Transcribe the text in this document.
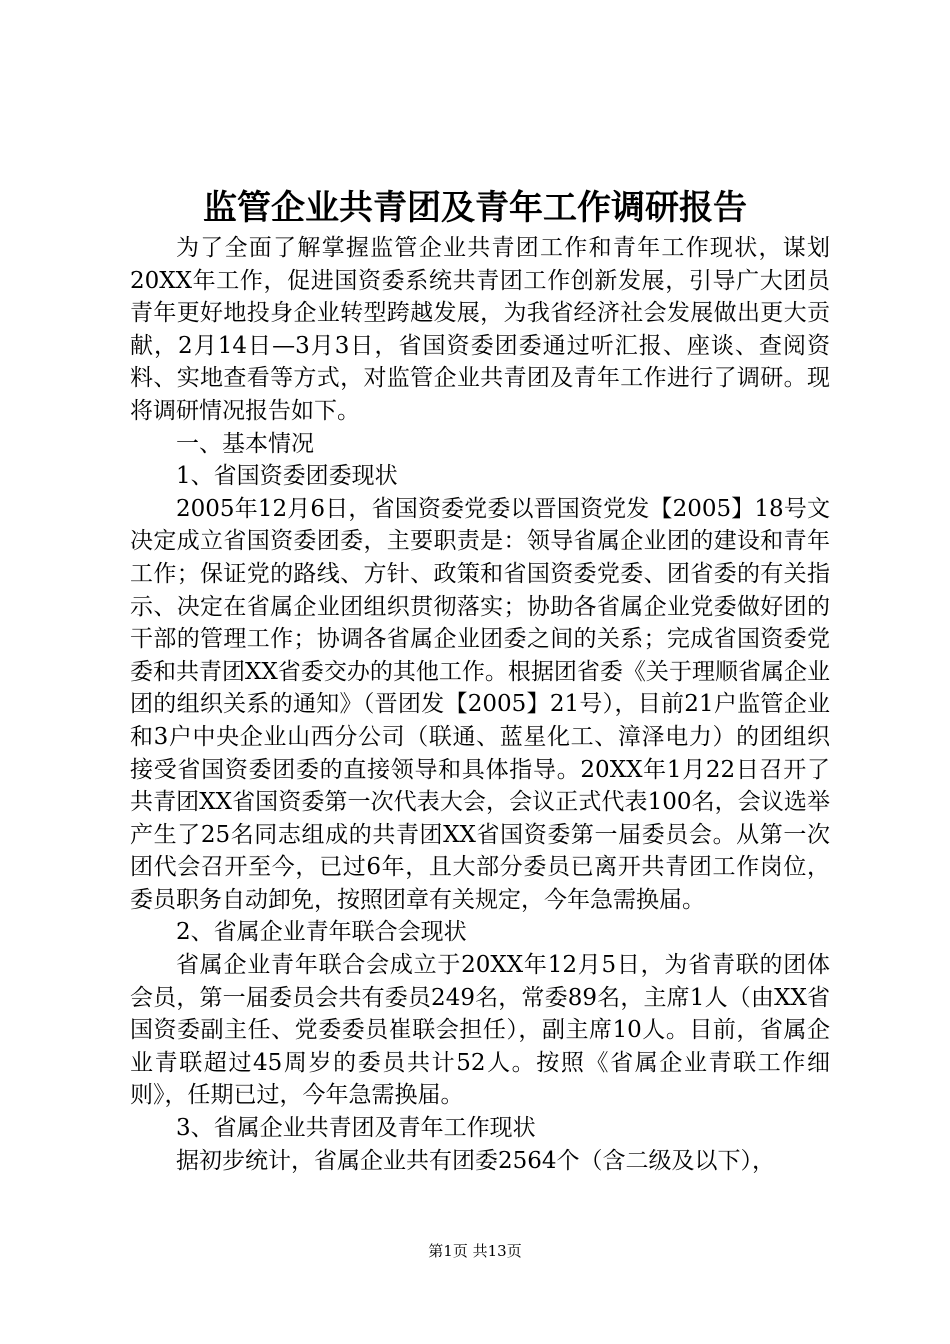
监管企业共青团及青年工作调研报告

为了全面了解掌握监管企业共青团工作和青年工作现状，谋划20XX年工作，促进国资委系统共青团工作创新发展，引导广大团员青年更好地投身企业转型跨越发展，为我省经济社会发展做出更大贡献，2月14日—3月3日，省国资委团委通过听汇报、座谈、查阅资料、实地查看等方式，对监管企业共青团及青年工作进行了调研。现将调研情况报告如下。

一、基本情况

1、省国资委团委现状

2005年12月6日，省国资委党委以晋国资党发【2005】18号文决定成立省国资委团委，主要职责是：领导省属企业团的建设和青年工作；保证党的路线、方针、政策和省国资委党委、团省委的有关指示、决定在省属企业团组织贯彻落实；协助各省属企业党委做好团的干部的管理工作；协调各省属企业团委之间的关系；完成省国资委党委和共青团XX省委交办的其他工作。根据团省委《关于理顺省属企业团的组织关系的通知》（晋团发【2005】21号），目前21户监管企业和3户中央企业山西分公司（联通、蓝星化工、漳泽电力）的团组织接受省国资委团委的直接领导和具体指导。20XX年1月22日召开了共青团XX省国资委第一次代表大会，会议正式代表100名，会议选举产生了25名同志组成的共青团XX省国资委第一届委员会。从第一次团代会召开至今，已过6年，且大部分委员已离开共青团工作岗位，委员职务自动卸免，按照团章有关规定，今年急需换届。

2、省属企业青年联合会现状

省属企业青年联合会成立于20XX年12月5日，为省青联的团体会员，第一届委员会共有委员249名，常委89名，主席1人（由XX省国资委副主任、党委委员崔联会担任），副主席10人。目前，省属企业青联超过45周岁的委员共计52人。按照《省属企业青联工作细则》，任期已过，今年急需换届。

3、省属企业共青团及青年工作现状

据初步统计，省属企业共有团委2564个（含二级及以下），

第1页 共13页
